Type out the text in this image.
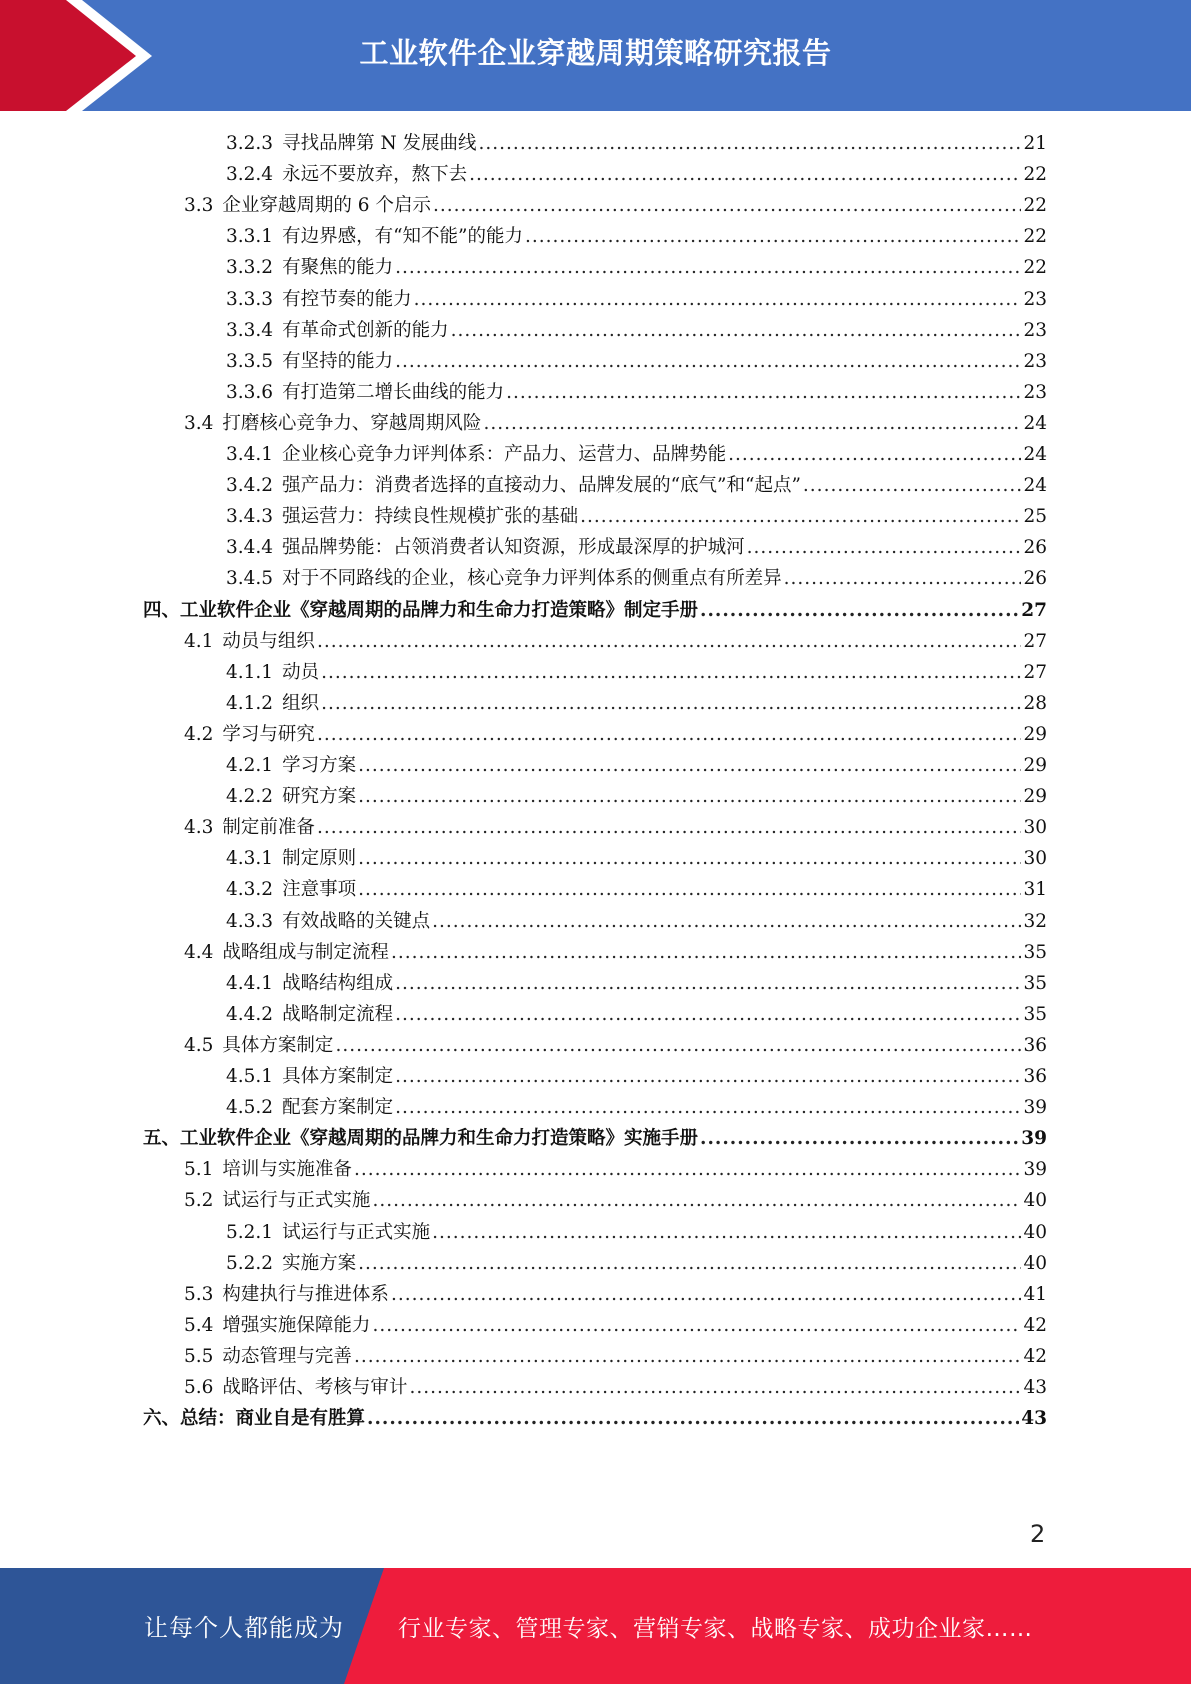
工业软件企业穿越周期策略研究报告
3.2.3 寻找品牌第 N 发展曲线 .....	21
3.2.4 永远不要放弃，熬下去 .....	22
3.3 企业穿越周期的 6 个启示 .....	22
3.3.1 有边界感，有“知不能”的能力 .....	22
3.3.2 有聚焦的能力 .....	22
3.3.3 有控节奏的能力 .....	23
3.3.4 有革命式创新的能力 .....	23
3.3.5 有坚持的能力 .....	23
3.3.6 有打造第二增长曲线的能力 .....	23
3.4 打磨核心竞争力、穿越周期风险 .....	24
3.4.1 企业核心竞争力评判体系：产品力、运营力、品牌势能 .....	24
3.4.2 强产品力：消费者选择的直接动力、品牌发展的“底气”和“起点” .....	24
3.4.3 强运营力：持续良性规模扩张的基础 .....	25
3.4.4 强品牌势能：占领消费者认知资源，形成最深厚的护城河 .....	26
3.4.5 对于不同路线的企业，核心竞争力评判体系的侧重点有所差异 .....	26
四、 工业软件企业《穿越周期的品牌力和生命力打造策略》制定手册 .....	27
4.1 动员与组织 .....	27
4.1.1 动员 .....	27
4.1.2 组织 .....	28
4.2 学习与研究 .....	29
4.2.1 学习方案 .....	29
4.2.2 研究方案 .....	29
4.3 制定前准备 .....	30
4.3.1 制定原则 .....	30
4.3.2 注意事项 .....	31
4.3.3 有效战略的关键点 .....	32
4.4 战略组成与制定流程 .....	35
4.4.1 战略结构组成 .....	35
4.4.2 战略制定流程 .....	35
4.5 具体方案制定 .....	36
4.5.1 具体方案制定 .....	36
4.5.2 配套方案制定 .....	39
五、 工业软件企业《穿越周期的品牌力和生命力打造策略》实施手册 .....	39
5.1 培训与实施准备 .....	39
5.2 试运行与正式实施 .....	40
5.2.1 试运行与正式实施 .....	40
5.2.2 实施方案 .....	40
5.3 构建执行与推进体系 .....	41
5.4 增强实施保障能力 .....	42
5.5 动态管理与完善 .....	42
5.6 战略评估、考核与审计 .....	43
六、 总结：商业自是有胜算 .....	43
2
让每个人都能成为 行业专家、管理专家、营销专家、战略专家、成功企业家……
